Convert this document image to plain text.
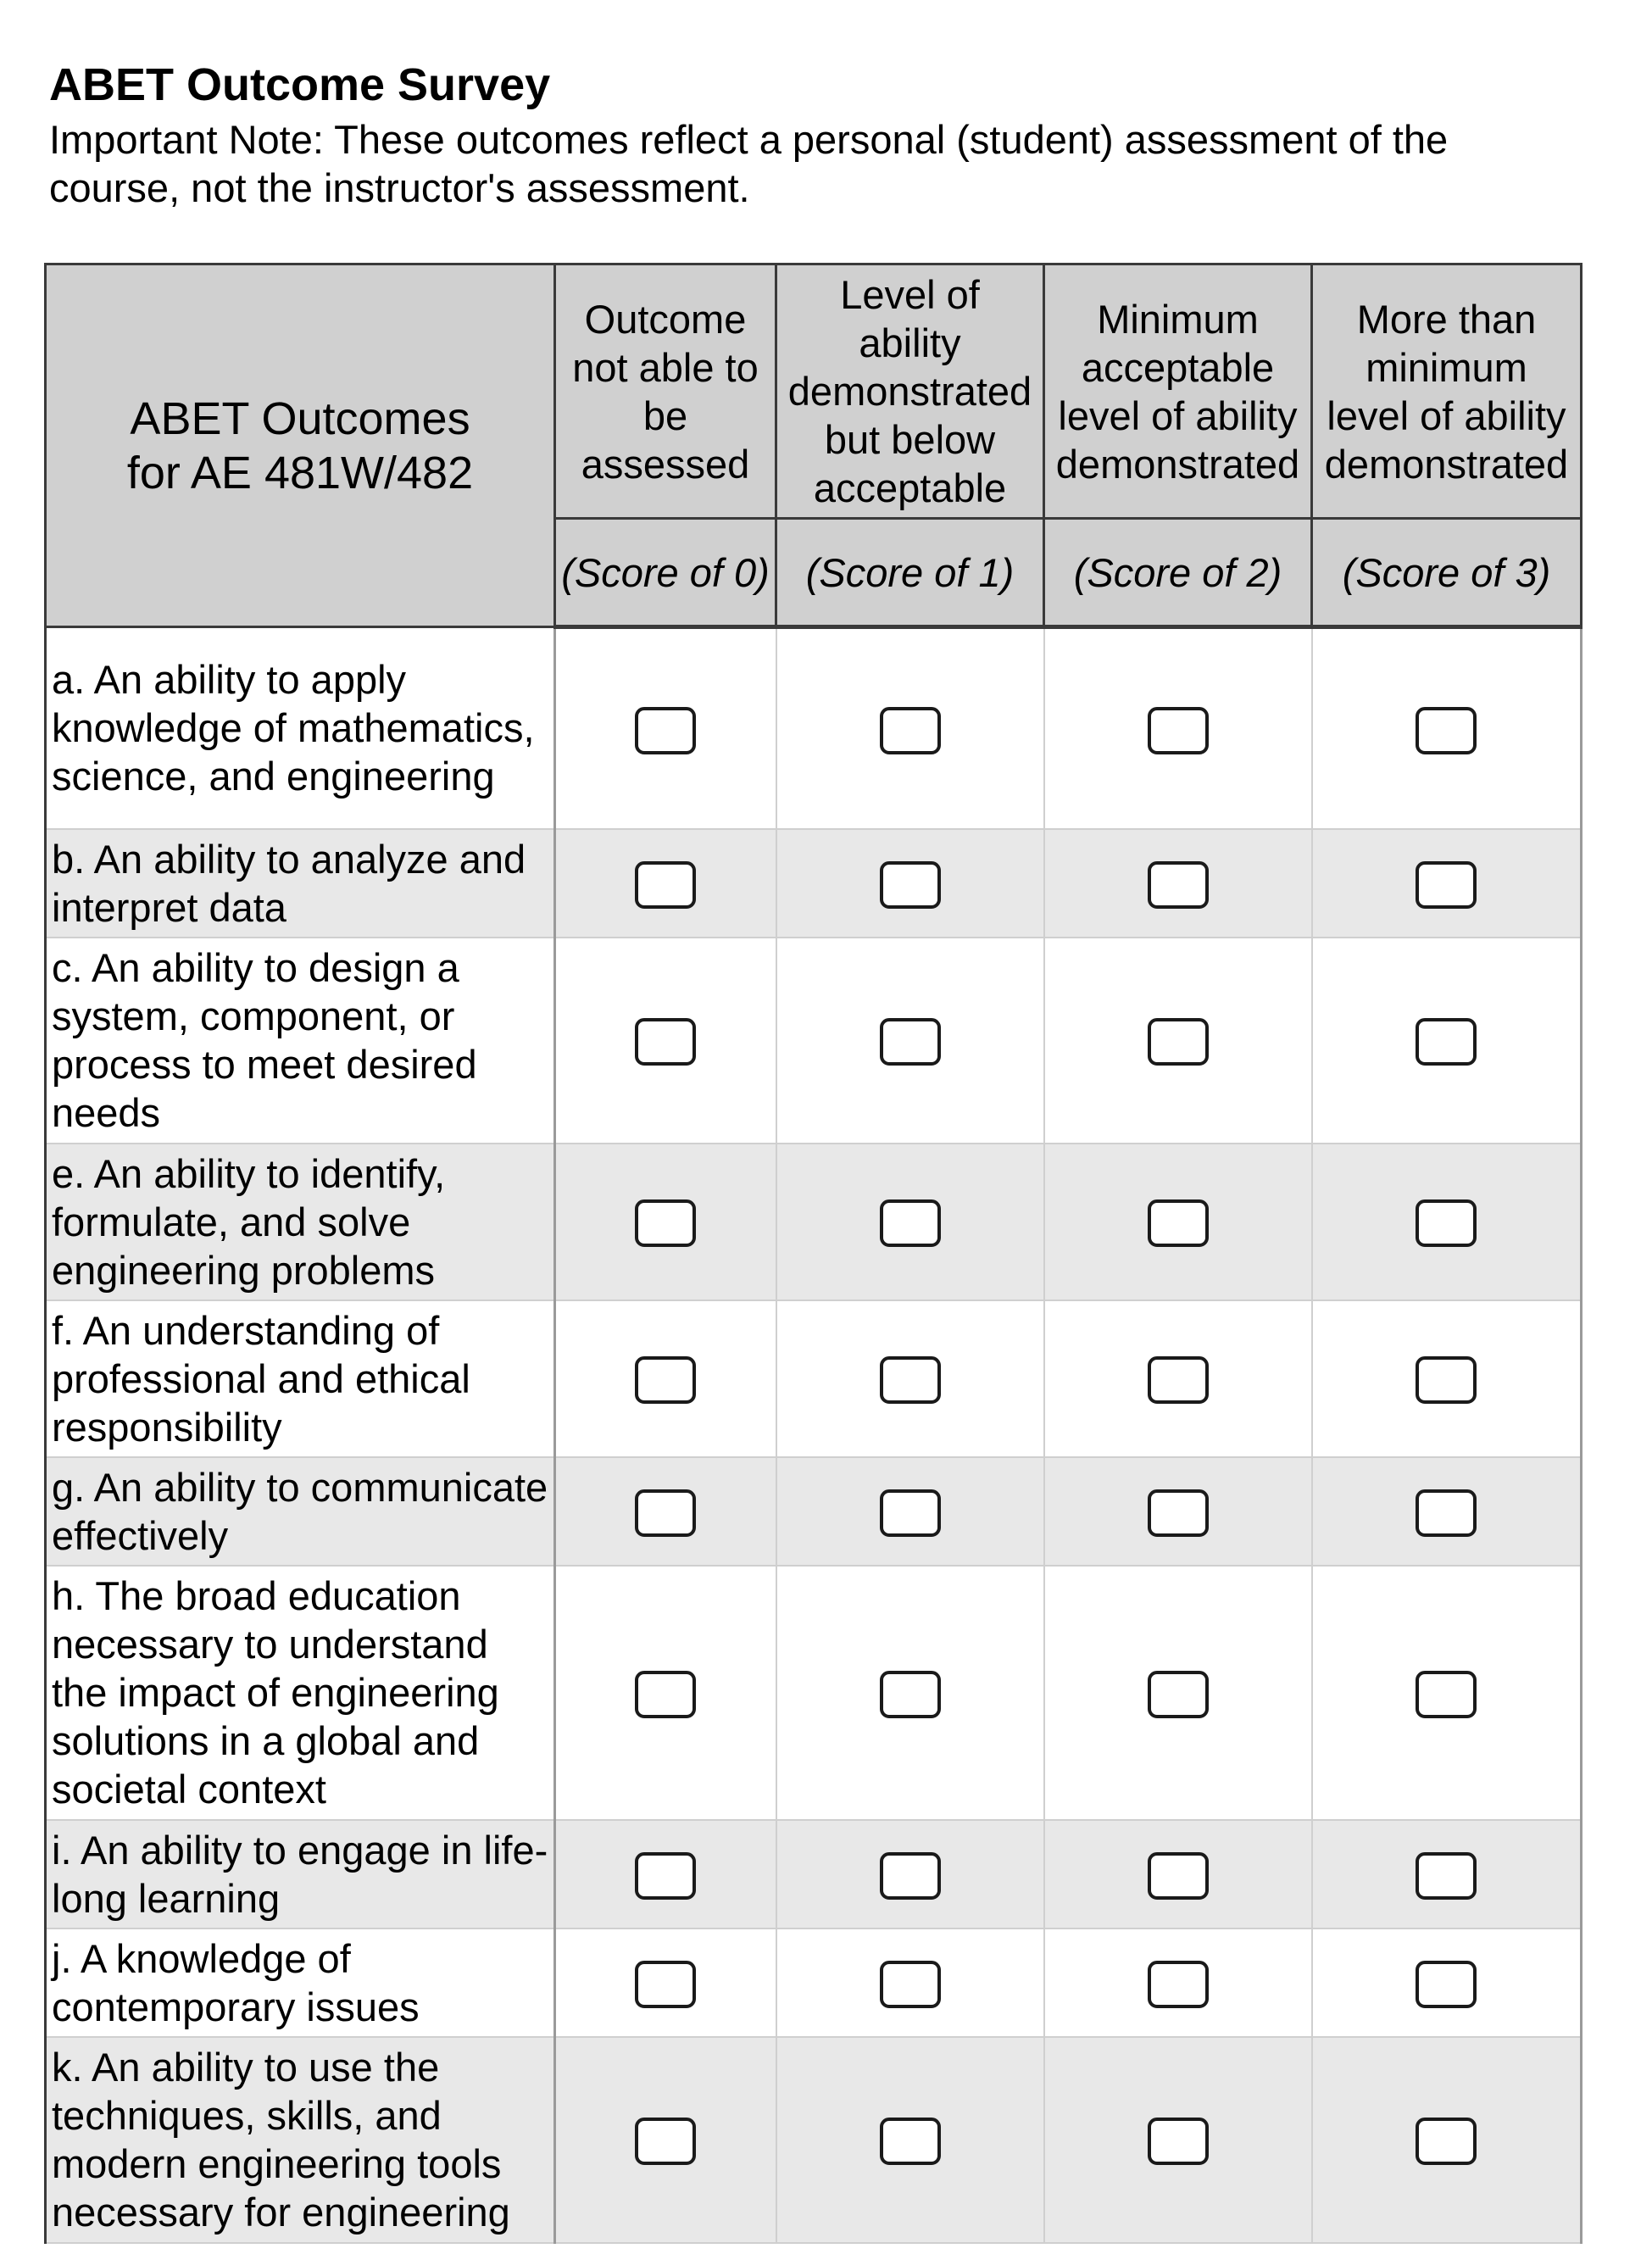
ABET Outcome Survey

Important Note: These outcomes reflect a personal (student) assessment of the course, not the instructor's assessment.

ABET Outcomes
for AE 481W/482	Outcome
not able to
be
assessed	Level of
ability
demonstrated
but below
acceptable	Minimum
acceptable
level of ability
demonstrated	More than
minimum
level of ability
demonstrated
	(Score of 0)	(Score of 1)	(Score of 2)	(Score of 3)
a. An ability to apply knowledge of mathematics, science, and engineering				
b. An ability to analyze and interpret data				
c. An ability to design a system, component, or process to meet desired needs				
e. An ability to identify, formulate, and solve engineering problems				
f. An understanding of professional and ethical responsibility				
g. An ability to communicate effectively				
h. The broad education necessary to understand the impact of engineering solutions in a global and societal context				
i. An ability to engage in life-long learning				
j. A knowledge of contemporary issues				
k. An ability to use the techniques, skills, and modern engineering tools necessary for engineering				
